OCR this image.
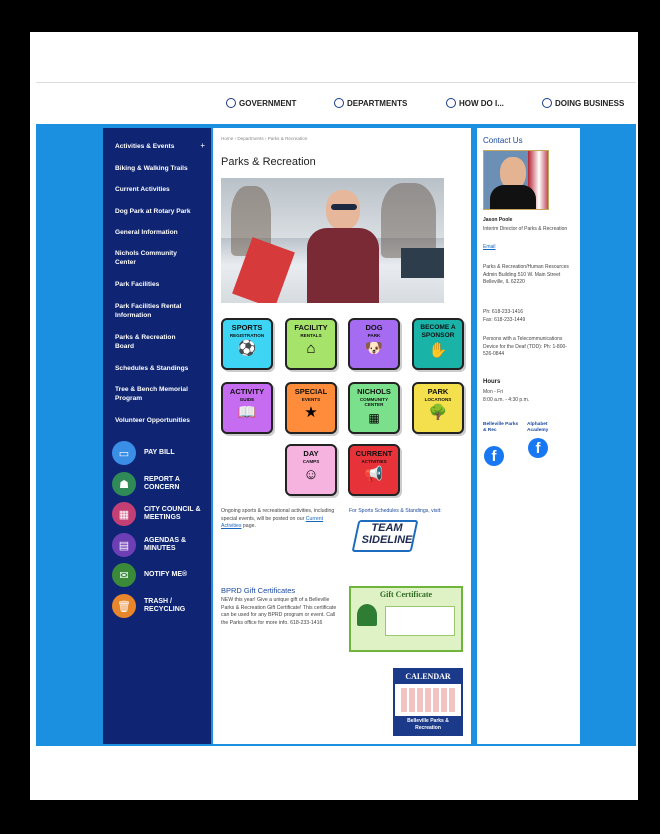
GOVERNMENT	DEPARTMENTS	HOW DO I...	DOING BUSINESS
Activities & Events	+
Biking & Walking Trails
Current Activities
Dog Park at Rotary Park
General Information
Nichols Community Center
Park Facilities
Park Facilities Rental Information
Parks & Recreation Board
Schedules & Standings
Tree & Bench Memorial Program
Volunteer Opportunities
▭	PAY BILL
☗	REPORT A CONCERN
▦	CITY COUNCIL & MEETINGS
▤	AGENDAS & MINUTES
✉	NOTIFY ME®
🗑	TRASH / RECYCLING
Home › Departments › Parks & Recreation
Parks & Recreation
SPORTS
REGISTRATION
⚽
FACILITY
RENTALS
⌂
DOG
PARK
🐶
BECOME A SPONSOR
✋
ACTIVITY
GUIDE
📖
SPECIAL
EVENTS
★
NICHOLS
COMMUNITY CENTER
▦
PARK
LOCATIONS
🌳
DAY
CAMPS
☺
CURRENT
ACTIVITIES
📢
Ongoing sports & recreational activities, including special events, will be posted on our Current Activities page.
For Sports Schedules & Standings, visit:
TEAM SIDELINE
BPRD Gift Certificates
NEW this year! Give a unique gift of a Belleville Parks & Recreation Gift Certificate! This certificate can be used for any BPRD program or event. Call the Parks office for more info. 618-233-1416
Gift Certificate
CALENDAR
Belleville Parks & Recreation
Contact Us
Jason Poole
Interim Director of Parks & Recreation
Email
Parks & Recreation/Human Resources Admin Building 510 W. Main Street Belleville, IL 62220
Ph: 618-233-1416
Fax: 618-233-1449
Persons with a Telecommunications Device for the Deaf (TDD): Ph: 1-800-526-0844
Hours
Mon - Fri
8:00 a.m. - 4:30 p.m.
Belleville Parks & Rec
f
Alphabet Academy
f
